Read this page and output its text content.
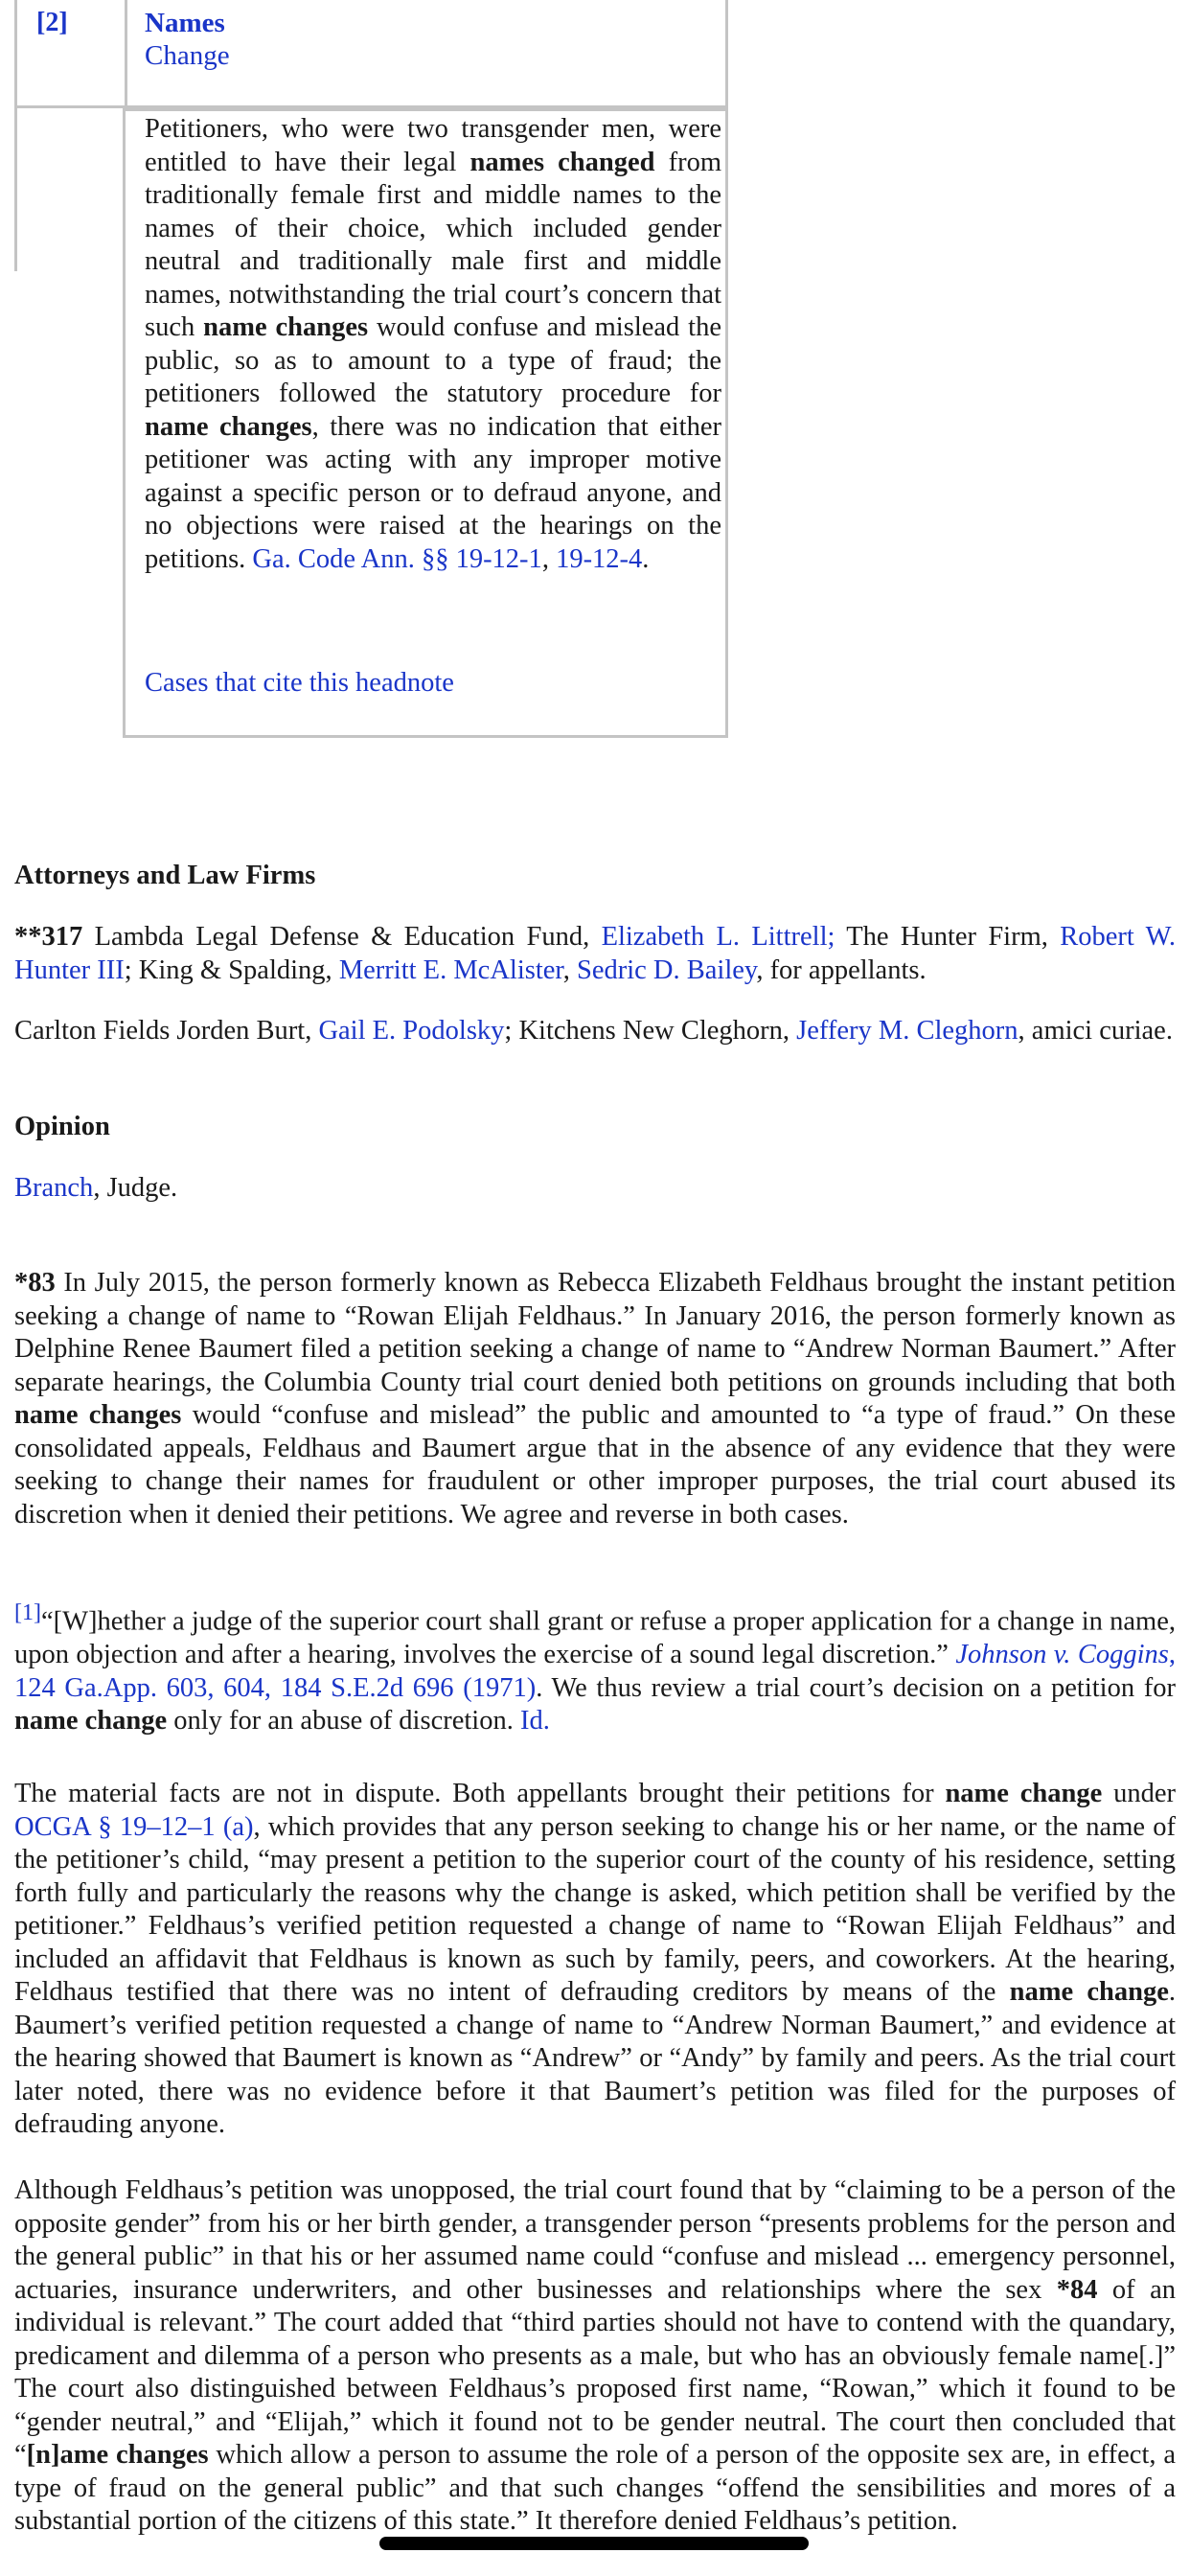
[2]	Names
Change
Petitioners, who were two transgender men, were entitled to have their legal names changed from traditionally female first and middle names to the names of their choice, which included gender neutral and traditionally male first and middle names, notwithstanding the trial court’s concern that such name changes would confuse and mislead the public, so as to amount to a type of fraud; the petitioners followed the statutory procedure for name changes, there was no indication that either petitioner was acting with any improper motive against a specific person or to defraud anyone, and no objections were raised at the hearings on the petitions. Ga. Code Ann. §§ 19-12-1, 19-12-4.
Cases that cite this headnote
Attorneys and Law Firms
**317 Lambda Legal Defense & Education Fund, Elizabeth L. Littrell; The Hunter Firm, Robert W. Hunter III; King & Spalding, Merritt E. McAlister, Sedric D. Bailey, for appellants.
Carlton Fields Jorden Burt, Gail E. Podolsky; Kitchens New Cleghorn, Jeffery M. Cleghorn, amici curiae.
Opinion
Branch, Judge.
*83 In July 2015, the person formerly known as Rebecca Elizabeth Feldhaus brought the instant petition seeking a change of name to “Rowan Elijah Feldhaus.” In January 2016, the person formerly known as Delphine Renee Baumert filed a petition seeking a change of name to “Andrew Norman Baumert.” After separate hearings, the Columbia County trial court denied both petitions on grounds including that both name changes would “confuse and mislead” the public and amounted to “a type of fraud.” On these consolidated appeals, Feldhaus and Baumert argue that in the absence of any evidence that they were seeking to change their names for fraudulent or other improper purposes, the trial court abused its discretion when it denied their petitions. We agree and reverse in both cases.
[1]“[W]hether a judge of the superior court shall grant or refuse a proper application for a change in name, upon objection and after a hearing, involves the exercise of a sound legal discretion.” Johnson v. Coggins, 124 Ga.App. 603, 604, 184 S.E.2d 696 (1971). We thus review a trial court’s decision on a petition for name change only for an abuse of discretion. Id.
The material facts are not in dispute. Both appellants brought their petitions for name change under OCGA § 19–12–1 (a), which provides that any person seeking to change his or her name, or the name of the petitioner’s child, “may present a petition to the superior court of the county of his residence, setting forth fully and particularly the reasons why the change is asked, which petition shall be verified by the petitioner.” Feldhaus’s verified petition requested a change of name to “Rowan Elijah Feldhaus” and included an affidavit that Feldhaus is known as such by family, peers, and coworkers. At the hearing, Feldhaus testified that there was no intent of defrauding creditors by means of the name change. Baumert’s verified petition requested a change of name to “Andrew Norman Baumert,” and evidence at the hearing showed that Baumert is known as “Andrew” or “Andy” by family and peers. As the trial court later noted, there was no evidence before it that Baumert’s petition was filed for the purposes of defrauding anyone.
Although Feldhaus’s petition was unopposed, the trial court found that by “claiming to be a person of the opposite gender” from his or her birth gender, a transgender person “presents problems for the person and the general public” in that his or her assumed name could “confuse and mislead ... emergency personnel, actuaries, insurance underwriters, and other businesses and relationships where the sex *84 of an individual is relevant.” The court added that “third parties should not have to contend with the quandary, predicament and dilemma of a person who presents as a male, but who has an obviously female name[.]” The court also distinguished between Feldhaus’s proposed first name, “Rowan,” which it found to be “gender neutral,” and “Elijah,” which it found not to be gender neutral. The court then concluded that “[n]ame changes which allow a person to assume the role of a person of the opposite sex are, in effect, a type of fraud on the general public” and that such changes “offend the sensibilities and mores of a substantial portion of the citizens of this state.” It therefore denied Feldhaus’s petition.
